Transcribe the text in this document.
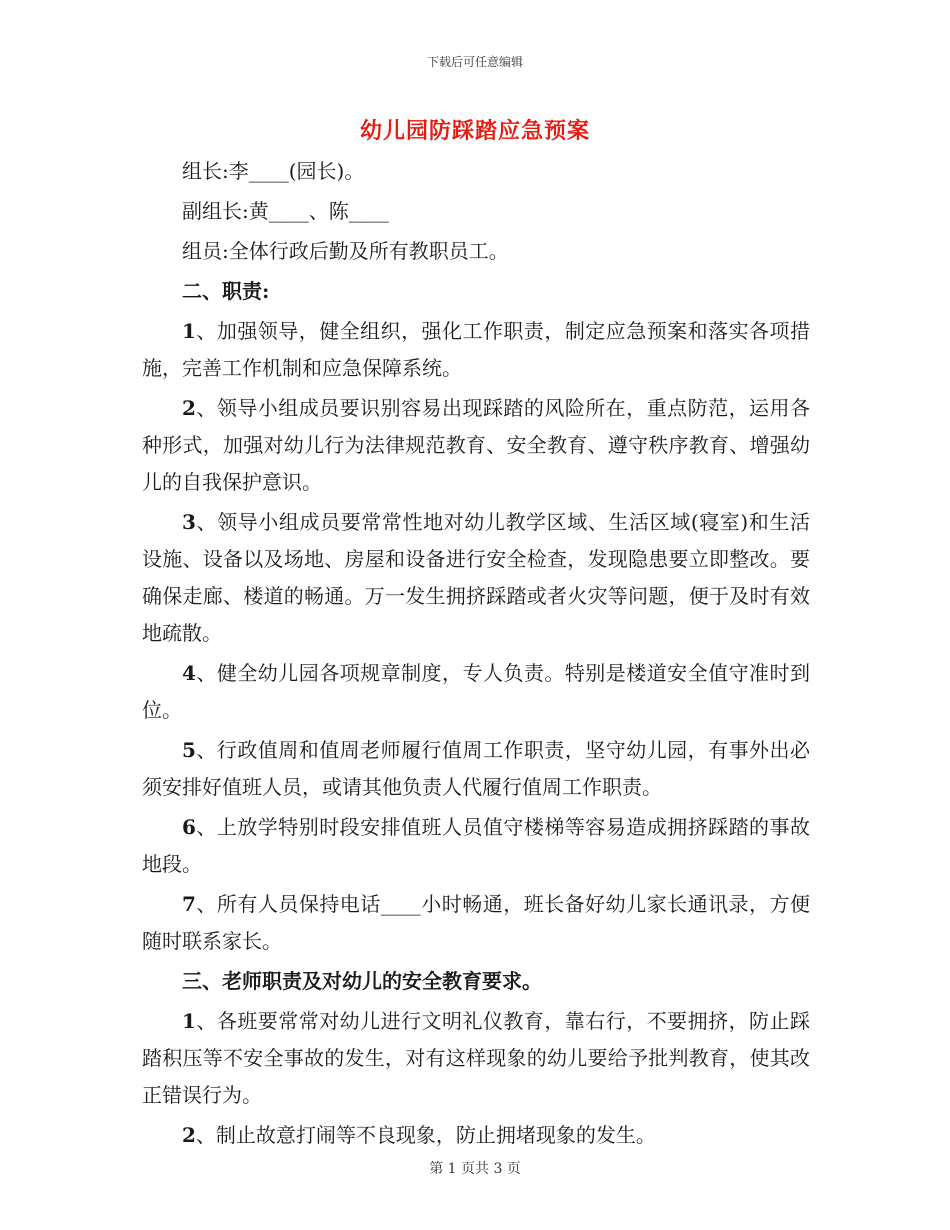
下载后可任意编辑
幼儿园防踩踏应急预案

组长:李____(园长)。

副组长:黄____、陈____

组员:全体行政后勤及所有教职员工。

二、职责:

1、加强领导，健全组织，强化工作职责，制定应急预案和落实各项措施，完善工作机制和应急保障系统。

2、领导小组成员要识别容易出现踩踏的风险所在，重点防范，运用各种形式，加强对幼儿行为法律规范教育、安全教育、遵守秩序教育、增强幼儿的自我保护意识。

3、领导小组成员要常常性地对幼儿教学区域、生活区域(寝室)和生活设施、设备以及场地、房屋和设备进行安全检查，发现隐患要立即整改。要确保走廊、楼道的畅通。万一发生拥挤踩踏或者火灾等问题，便于及时有效地疏散。

4、健全幼儿园各项规章制度，专人负责。特别是楼道安全值守准时到位。

5、行政值周和值周老师履行值周工作职责，坚守幼儿园，有事外出必须安排好值班人员，或请其他负责人代履行值周工作职责。

6、上放学特别时段安排值班人员值守楼梯等容易造成拥挤踩踏的事故地段。

7、所有人员保持电话____小时畅通，班长备好幼儿家长通讯录，方便随时联系家长。

三、老师职责及对幼儿的安全教育要求。

1、各班要常常对幼儿进行文明礼仪教育，靠右行，不要拥挤，防止踩踏积压等不安全事故的发生，对有这样现象的幼儿要给予批判教育，使其改正错误行为。

2、制止故意打闹等不良现象，防止拥堵现象的发生。

第 1 页共 3 页
